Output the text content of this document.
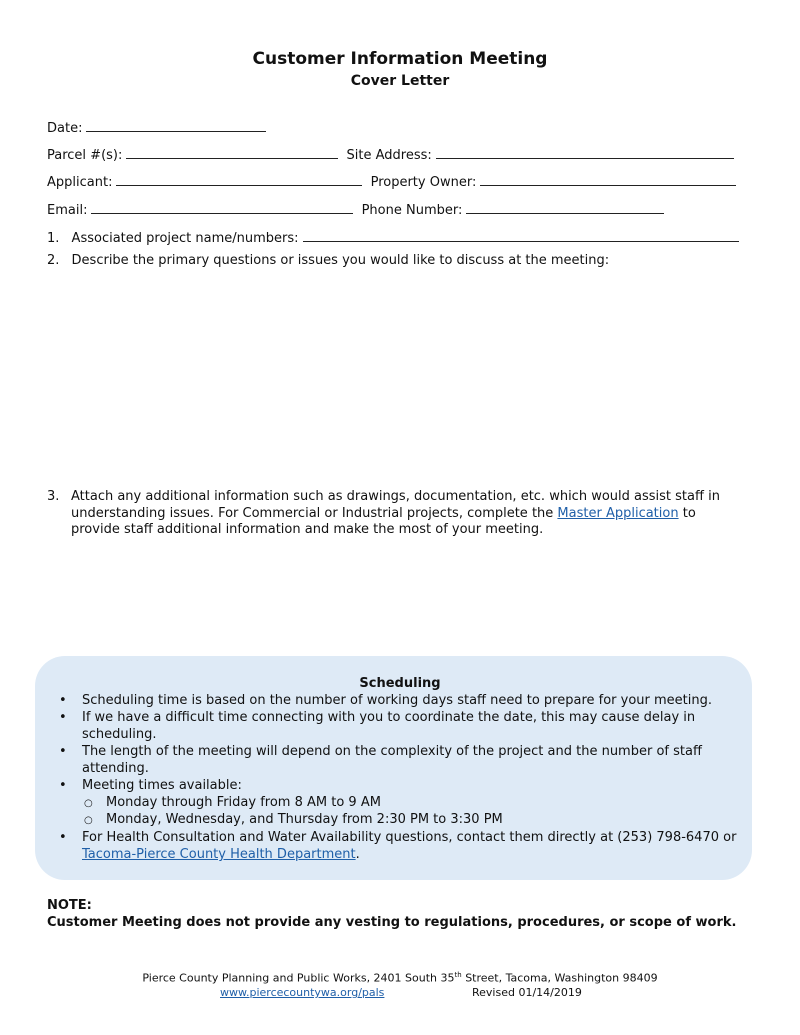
Customer Information Meeting
Cover Letter
Date:
Parcel #(s):	Site Address:
Applicant:	Property Owner:
Email:	Phone Number:
1. Associated project name/numbers:
2. Describe the primary questions or issues you would like to discuss at the meeting:
3. Attach any additional information such as drawings, documentation, etc. which would assist staff in
understanding issues. For Commercial or Industrial projects, complete the Master Application to
provide staff additional information and make the most of your meeting.
Scheduling
• Scheduling time is based on the number of working days staff need to prepare for your meeting.
• If we have a difficult time connecting with you to coordinate the date, this may cause delay in
scheduling.
• The length of the meeting will depend on the complexity of the project and the number of staff
attending.
• Meeting times available:
○ Monday through Friday from 8 AM to 9 AM
○ Monday, Wednesday, and Thursday from 2:30 PM to 3:30 PM
• For Health Consultation and Water Availability questions, contact them directly at (253) 798-6470 or
Tacoma-Pierce County Health Department.
NOTE:
Customer Meeting does not provide any vesting to regulations, procedures, or scope of work.
Pierce County Planning and Public Works, 2401 South 35th Street, Tacoma, Washington 98409
www.piercecountywa.org/pals	Revised 01/14/2019
